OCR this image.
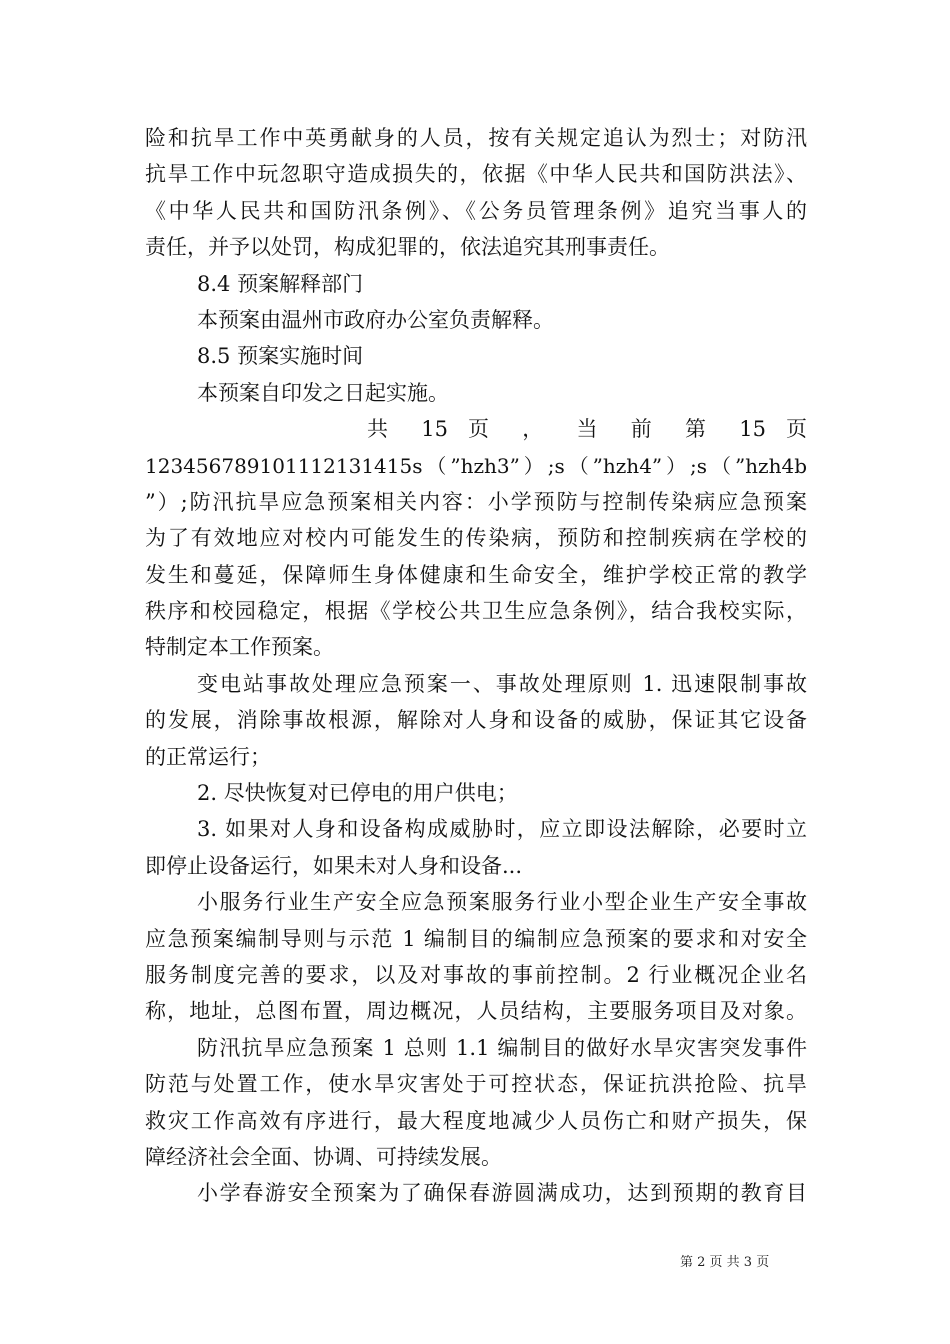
险和抗旱工作中英勇献身的人员，按有关规定追认为烈士；对防汛
抗旱工作中玩忽职守造成损失的，依据《中华人民共和国防洪法》、
《中华人民共和国防汛条例》、《公务员管理条例》追究当事人的
责任，并予以处罚，构成犯罪的，依法追究其刑事责任。
8.4 预案解释部门
本预案由温州市政府办公室负责解释。
8.5 预案实施时间
本预案自印发之日起实施。
共 15 页 ， 当 前 第 15 页
12345678910111213141​5s（”hzh3”）;s（”hzh4”）;s（”hzh4b
”）;防汛抗旱应急预案相关内容：小学预防与控制传染病应急预案
为了有效地应对校内可能发生的传染病，预防和控制疾病在学校的
发生和蔓延，保障师生身体健康和生命安全，维护学校正常的教学
秩序和校园稳定，根据《学校公共卫生应急条例》，结合我校实际，
特制定本工作预案。
变电站事故处理应急预案一、事故处理原则 1. 迅速限制事故
的发展，消除事故根源，解除对人身和设备的威胁，保证其它设备
的正常运行；
2. 尽快恢复对已停电的用户供电；
3. 如果对人身和设备构成威胁时，应立即设法解除，必要时立
即停止设备运行，如果未对人身和设备...
小服务行业生产安全应急预案服务行业小型企业生产安全事故
应急预案编制导则与示范 1 编制目的编制应急预案的要求和对安全
服务制度完善的要求，以及对事故的事前控制。2 行业概况企业名
称，地址，总图布置，周边概况，人员结构，主要服务项目及对象。
防汛抗旱应急预案 1 总则 1.1 编制目的做好水旱灾害突发事件
防范与处置工作，使水旱灾害处于可控状态，保证抗洪抢险、抗旱
救灾工作高效有序进行，最大程度地减少人员伤亡和财产损失，保
障经济社会全面、协调、可持续发展。
小学春游安全预案为了确保春游圆满成功，达到预期的教育目
第 2 页 共 3 页
